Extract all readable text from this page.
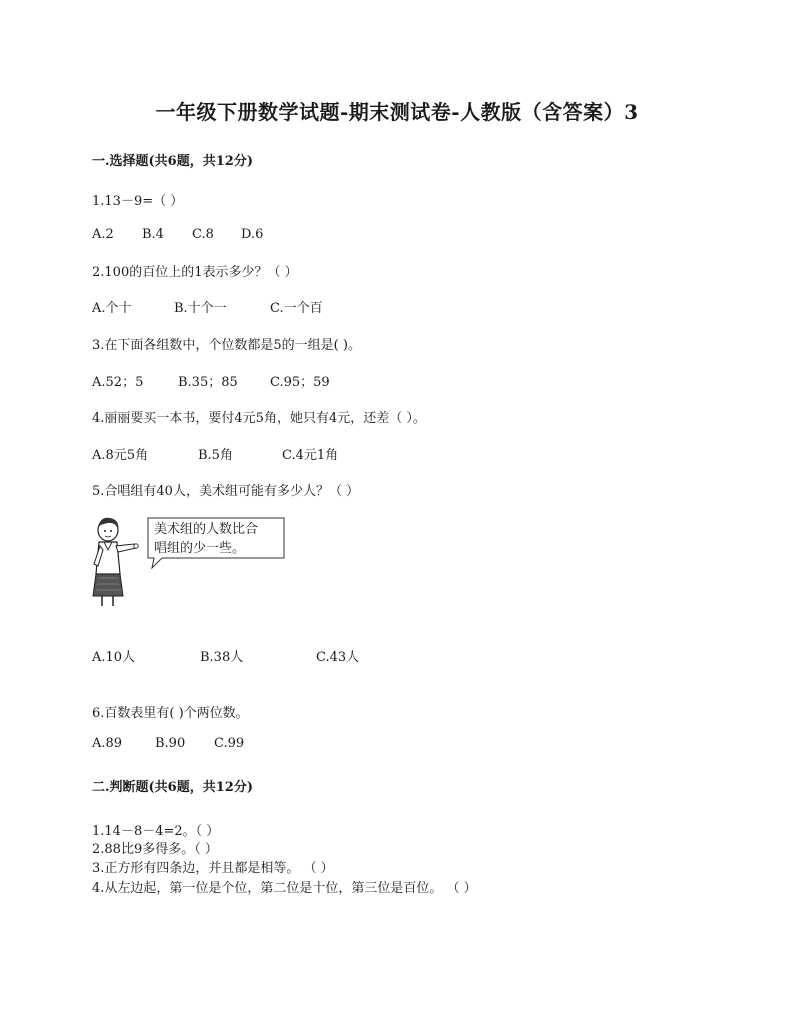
一年级下册数学试题-期末测试卷-人教版（含答案）3
一.选择题(共6题，共12分)
1.13－9=（ ）
A.2 B.4 C.8 D.6
2.100的百位上的1表示多少？（ ）
A.个十	B.十个一	C.一个百
3.在下面各组数中，个位数都是5的一组是( )。
A.52；5	B.35；85 C.95；59
4.丽丽要买一本书，要付4元5角，她只有4元，还差（ ）。
A.8元5角	B.5角	C.4元1角
5.合唱组有40人，美术组可能有多少人？（ ）
美术组的人数比合
唱组的少一些。
A.10人	B.38人	C.43人
6.百数表里有( )个两位数。
A.89	B.90 C.99
二.判断题(共6题，共12分)
1.14－8－4=2。（ ）
2.88比9多得多。（ ）
3.正方形有四条边，并且都是相等。 （ ）
4.从左边起，第一位是个位，第二位是十位，第三位是百位。 （ ）
